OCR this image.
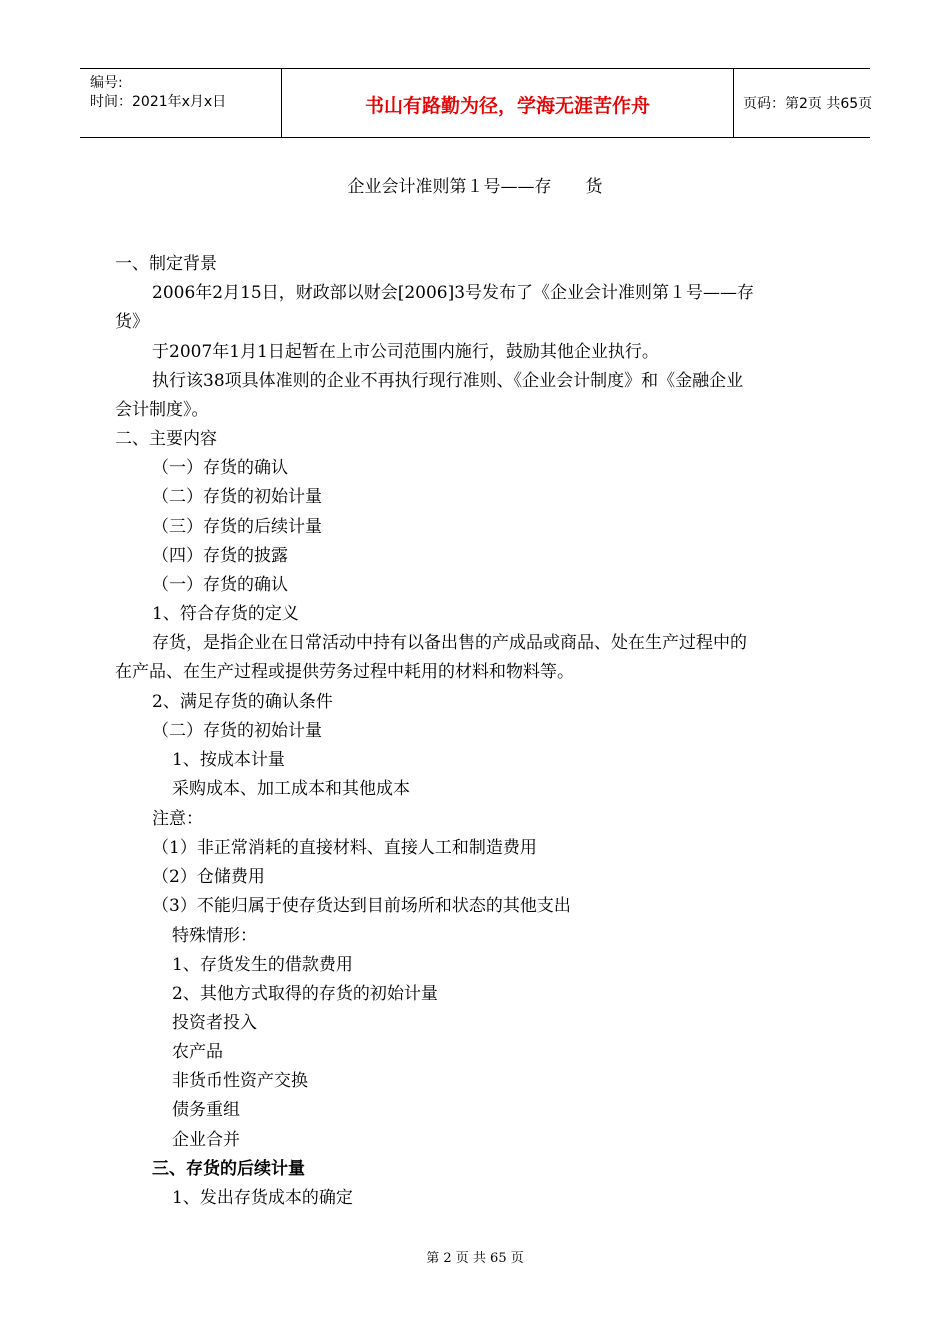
编号:
时间：2021年x月x日	书山有路勤为径，学海无涯苦作舟	页码：第2页 共65页
企业会计准则第１号——存　　货
一、制定背景
2006年2月15日，财政部以财会[2006]3号发布了《企业会计准则第１号——存
货》
于2007年1月1日起暂在上市公司范围内施行，鼓励其他企业执行。
执行该38项具体准则的企业不再执行现行准则、《企业会计制度》和《金融企业
会计制度》。
二、主要内容
（一）存货的确认
（二）存货的初始计量
（三）存货的后续计量
（四）存货的披露
（一）存货的确认
1、符合存货的定义
存货，是指企业在日常活动中持有以备出售的产成品或商品、处在生产过程中的
在产品、在生产过程或提供劳务过程中耗用的材料和物料等。
2、满足存货的确认条件
（二）存货的初始计量
1、按成本计量
采购成本、加工成本和其他成本
注意：
（1）非正常消耗的直接材料、直接人工和制造费用
（2）仓储费用
（3）不能归属于使存货达到目前场所和状态的其他支出
特殊情形：
1、存货发生的借款费用
2、其他方式取得的存货的初始计量
投资者投入
农产品
非货币性资产交换
债务重组
企业合并
三、存货的后续计量
1、发出存货成本的确定
第 2 页 共 65 页
